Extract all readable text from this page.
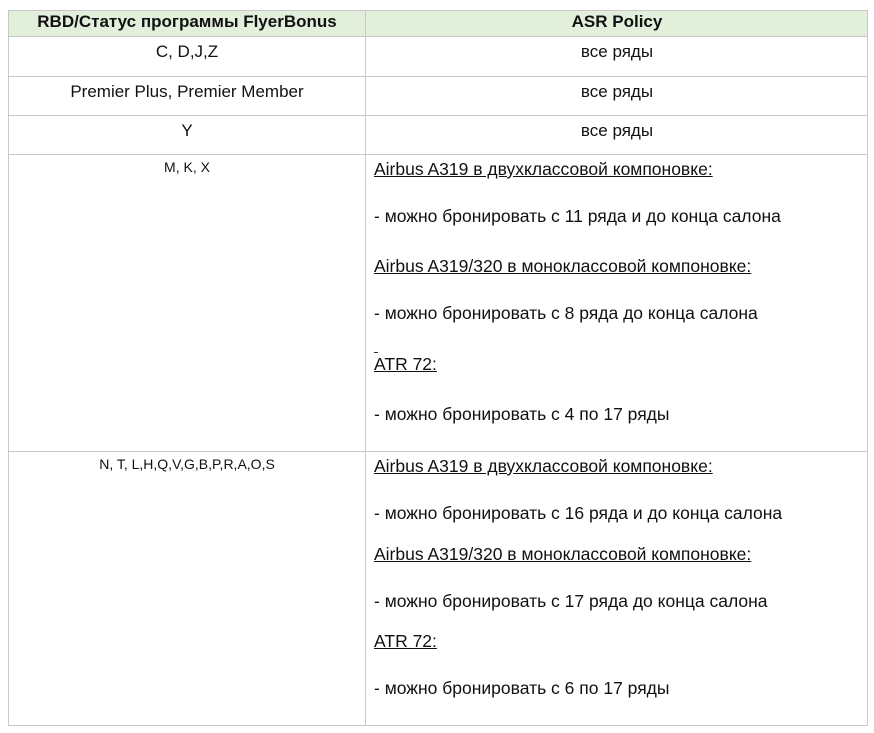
RBD/Статус программы FlyerBonus	ASR Policy
C, D,J,Z	все ряды
Premier Plus, Premier Member	все ряды
Y	все ряды
M, K, X	Airbus A319 в двухклассовой компоновке:
- можно бронировать с 11 ряда и до конца салона
Airbus A319/320 в моноклассовой компоновке:
- можно бронировать с 8 ряда до конца салона
ATR 72:
- можно бронировать с 4 по 17 ряды
N, T, L,H,Q,V,G,B,P,R,A,O,S	Airbus A319 в двухклассовой компоновке:
- можно бронировать с 16 ряда и до конца салона
Airbus A319/320 в моноклассовой компоновке:
- можно бронировать с 17 ряда до конца салона
ATR 72:
- можно бронировать с 6 по 17 ряды
